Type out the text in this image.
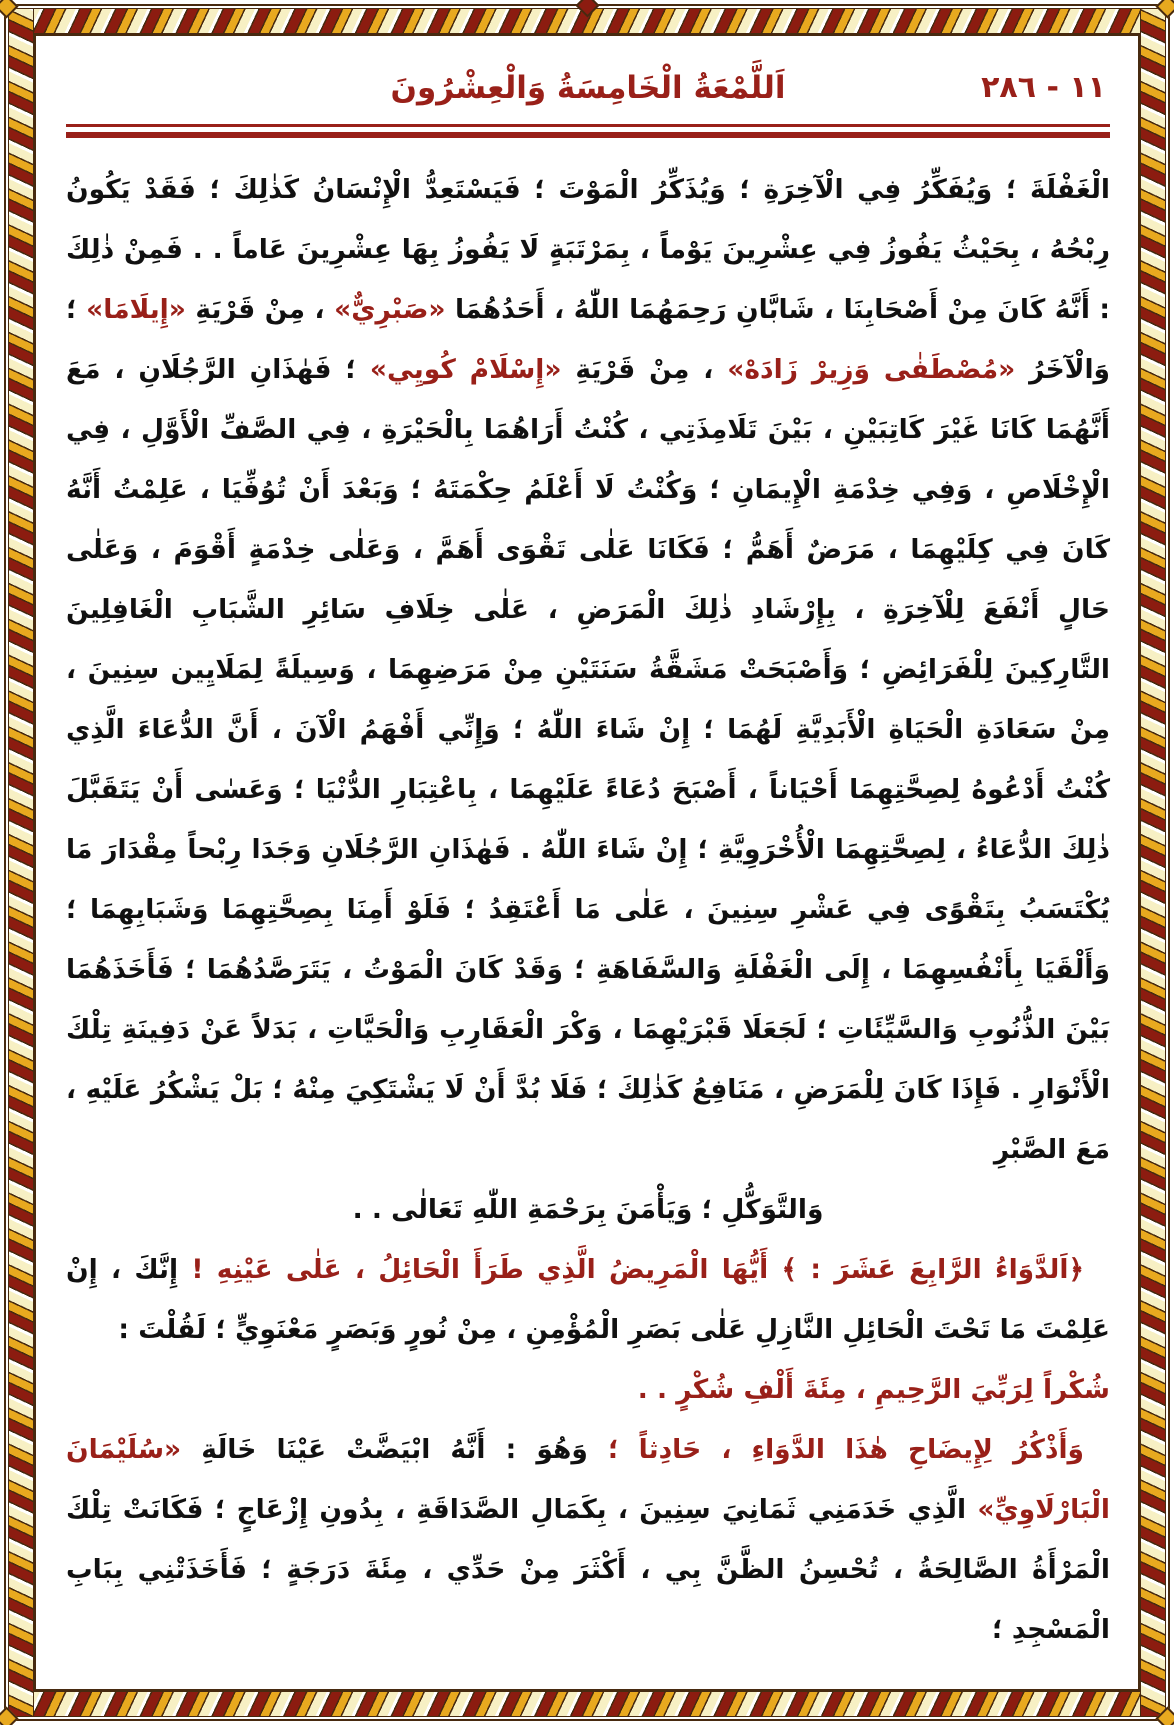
٢٨٦ - ١١
اَللَّمْعَةُ الْخَامِسَةُ وَالْعِشْرُونَ

الْغَفْلَةَ ؛ وَيُفَكِّرُ فِي الْآخِرَةِ ؛ وَيُذَكِّرُ الْمَوْتَ ؛ فَيَسْتَعِدُّ الْإِنْسَانُ كَذٰلِكَ ؛ فَقَدْ يَكُونُ رِبْحُهُ ، بِحَيْثُ يَفُوزُ فِي عِشْرِينَ يَوْماً ، بِمَرْتَبَةٍ لَا يَفُوزُ بِهَا عِشْرِينَ عَاماً . . فَمِنْ ذٰلِكَ : أَنَّهُ كَانَ مِنْ أَصْحَابِنَا ، شَابَّانِ رَحِمَهُمَا اللّٰهُ ، أَحَدُهُمَا «صَبْرِيٌّ» ، مِنْ قَرْيَةِ «إِيلَامَا» ؛ وَالْآخَرُ «مُصْطَفٰى وَزِيرْ زَادَهْ» ، مِنْ قَرْيَةِ «إِسْلَامْ كُويِي» ؛ فَهٰذَانِ الرَّجُلَانِ ، مَعَ أَنَّهُمَا كَانَا غَيْرَ كَاتِبَيْنِ ، بَيْنَ تَلَامِذَتِي ، كُنْتُ أَرَاهُمَا بِالْحَيْرَةِ ، فِي الصَّفِّ الْأَوَّلِ ، فِي الْإِخْلَاصِ ، وَفِي خِدْمَةِ الْإِيمَانِ ؛ وَكُنْتُ لَا أَعْلَمُ حِكْمَتَهُ ؛ وَبَعْدَ أَنْ تُوُفِّيَا ، عَلِمْتُ أَنَّهُ كَانَ فِي كِلَيْهِمَا ، مَرَضٌ أَهَمُّ ؛ فَكَانَا عَلٰى تَقْوَى أَهَمَّ ، وَعَلٰى خِدْمَةٍ أَقْوَمَ ، وَعَلٰى حَالٍ أَنْفَعَ لِلْآخِرَةِ ، بِإِرْشَادِ ذٰلِكَ الْمَرَضِ ، عَلٰى خِلَافِ سَائِرِ الشَّبَابِ الْغَافِلِينَ التَّارِكِينَ لِلْفَرَائِضِ ؛ وَأَصْبَحَتْ مَشَقَّةُ سَنَتَيْنِ مِنْ مَرَضِهِمَا ، وَسِيلَةً لِمَلَايِين سِنِينَ ، مِنْ سَعَادَةِ الْحَيَاةِ الْأَبَدِيَّةِ لَهُمَا ؛ إِنْ شَاءَ اللّٰهُ ؛ وَإِنِّي أَفْهَمُ الْآنَ ، أَنَّ الدُّعَاءَ الَّذِي كُنْتُ أَدْعُوهُ لِصِحَّتِهِمَا أَحْيَاناً ، أَصْبَحَ دُعَاءً عَلَيْهِمَا ، بِاعْتِبَارِ الدُّنْيَا ؛ وَعَسٰى أَنْ يَتَقَبَّلَ ذٰلِكَ الدُّعَاءُ ، لِصِحَّتِهِمَا الْأُخْرَوِيَّةِ ؛ إِنْ شَاءَ اللّٰهُ . فَهٰذَانِ الرَّجُلَانِ وَجَدَا رِبْحاً مِقْدَارَ مَا يُكْتَسَبُ بِتَقْوًى فِي عَشْرِ سِنِينَ ، عَلٰى مَا أَعْتَقِدُ ؛ فَلَوْ أَمِنَا بِصِحَّتِهِمَا وَشَبَابِهِمَا ؛ وَأَلْقَيَا بِأَنْفُسِهِمَا ، إِلَى الْغَفْلَةِ وَالسَّفَاهَةِ ؛ وَقَدْ كَانَ الْمَوْتُ ، يَتَرَصَّدُهُمَا ؛ فَأَخَذَهُمَا بَيْنَ الذُّنُوبِ وَالسَّيِّئَاتِ ؛ لَجَعَلَا قَبْرَيْهِمَا ، وَكْرَ الْعَقَارِبِ وَالْحَيَّاتِ ، بَدَلاً عَنْ دَفِينَةِ تِلْكَ الْأَنْوَارِ . فَإِذَا كَانَ لِلْمَرَضِ ، مَنَافِعُ كَذٰلِكَ ؛ فَلَا بُدَّ أَنْ لَا يَشْتَكِيَ مِنْهُ ؛ بَلْ يَشْكُرُ عَلَيْهِ ، مَعَ الصَّبْرِ

وَالتَّوَكُّلِ ؛ وَيَأْمَنَ بِرَحْمَةِ اللّٰهِ تَعَالٰى . .

﴿اَلدَّوَاءُ الرَّابِعَ عَشَرَ : ﴾ أَيُّهَا الْمَرِيضُ الَّذِي طَرَأَ الْحَائِلُ ، عَلٰى عَيْنِهِ ! إِنَّكَ ، إِنْ عَلِمْتَ مَا تَحْتَ الْحَائِلِ النَّازِلِ عَلٰى بَصَرِ الْمُؤْمِنِ ، مِنْ نُورٍ وَبَصَرٍ مَعْنَوِيٍّ ؛ لَقُلْتَ :

شُكْراً لِرَبِّيَ الرَّحِيمِ ، مِئَةَ أَلْفِ شُكْرٍ . .

وَأَذْكُرُ لِإِيضَاحِ هٰذَا الدَّوَاءِ ، حَادِثاً ؛ وَهُوَ : أَنَّهُ ابْيَضَّتْ عَيْنَا خَالَةِ «سُلَيْمَانَ الْبَارْلَاوِيِّ» الَّذِي خَدَمَنِي ثَمَانِيَ سِنِينَ ، بِكَمَالِ الصَّدَاقَةِ ، بِدُونِ إِزْعَاجٍ ؛ فَكَانَتْ تِلْكَ الْمَرْأَةُ الصَّالِحَةُ ، تُحْسِنُ الظَّنَّ بِي ، أَكْثَرَ مِنْ حَدِّي ، مِئَةَ دَرَجَةٍ ؛ فَأَخَذَتْنِي بِبَابِ الْمَسْجِدِ ؛
